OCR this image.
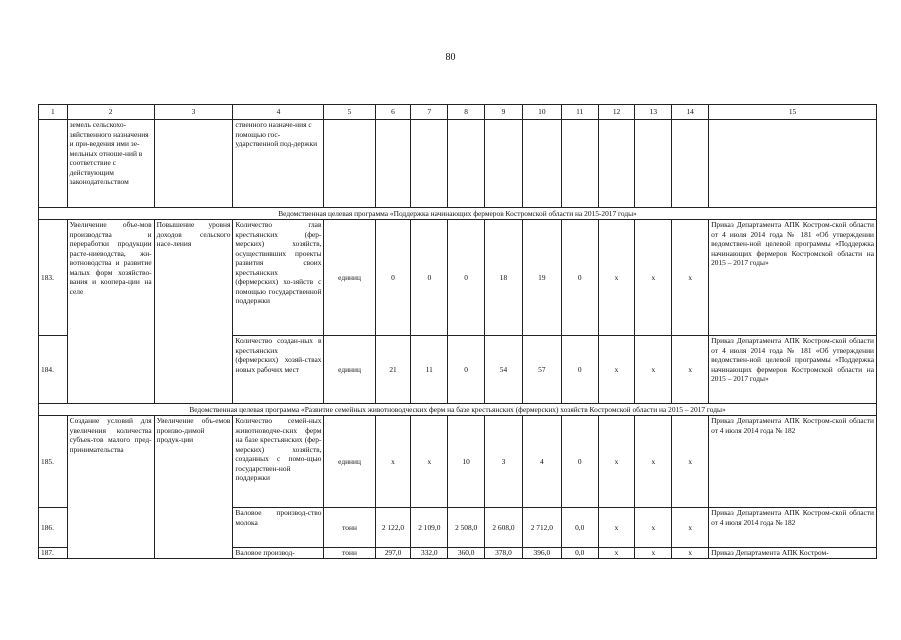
80
1	2	3	4	5	6	7	8	9	10	11	12	13	14	15
	земель сельскохо-зяйственного назначения и при-ведения ими зе-мельных отноше-ний в соответствие с действующим законодательством		ственного назначе-ния с помощью гос-ударственной под-держки											
Ведомственная целевая программа «Поддержка начинающих фермеров Костромской области на 2015-2017 годы»														
183.	Увеличение объе-мов производства и переработки продукции расте-ниеводства, жи-вотноводства и развитие малых форм хозяйство-вания и коопера-ции на селе	Повышение уровня доходов сельского насе-ления	Количество глав крестьянских (фер-мерских) хозяйств, осуществивших проекты развития своих крестьянских (фермерских) хо-зяйств с помощью государственной поддержки	единиц	0	0	0	18	19	0	х	х	х	Приказ Департамента АПК Костром-ской области от 4 июля 2014 года № 181 «Об утверждении ведомствен-ной целевой программы «Поддержка начинающих фермеров Костромской области на 2015 – 2017 годы»
184.			Количество создан-ных в крестьянских (фермерских) хозяй-ствах новых рабочих мест	единиц	21	11	0	54	57	0	х	х	х	Приказ Департамента АПК Костром-ской области от 4 июля 2014 года № 181 «Об утверждении ведомствен-ной целевой программы «Поддержка начинающих фермеров Костромской области на 2015 – 2017 годы»
Ведомственная целевая программа «Развитие семейных животноводческих ферм на базе крестьянских (фермерских) хозяйств Костромской области на 2015 – 2017 годы»														
185.	Создание условий для увеличения количества субъек-тов малого пред-принимательства	Увеличение объ-емов произво-димой продук-ции	Количество семей-ных животноводче-ских ферм на базе крестьянских (фер-мерских) хозяйств, созданных с помо-щью государствен-ной поддержки	единиц	х	х	10	3	4	0	х	х	х	Приказ Департамента АПК Костром-ской области от 4 июля 2014 года № 182
186.			Валовое производ-ство молока	тонн	2 122,0	2 109,0	2 508,0	2 608,0	2 712,0	0,0	х	х	х	Приказ Департамента АПК Костром-ской области от 4 июля 2014 года № 182
187.			Валовое производ-	тонн	297,0	332,0	360,0	378,0	396,0	0,0	х	х	х	Приказ Департамента АПК Костром-
